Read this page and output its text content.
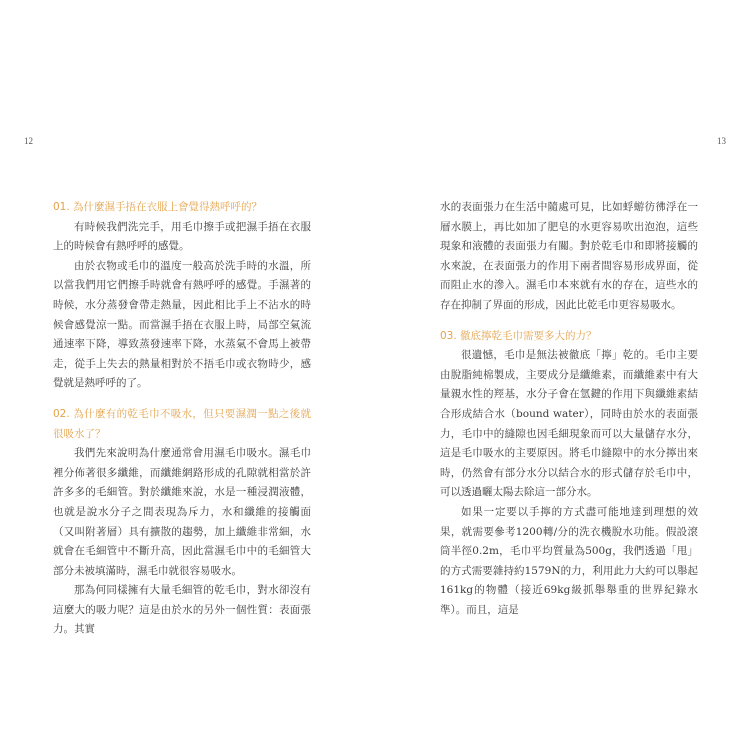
12	13

01. 為什麼濕手捂在衣服上會覺得熱呼呼的？

有時候我們洗完手，用毛巾擦手或把濕手捂在衣服上的時候會有熱呼呼的感覺。

由於衣物或毛巾的溫度一般高於洗手時的水溫，所以當我們用它們擦手時就會有熱呼呼的感覺。手濕著的時候，水分蒸發會帶走熱量，因此相比手上不沾水的時候會感覺涼一點。而當濕手捂在衣服上時，局部空氣流通速率下降，導致蒸發速率下降，水蒸氣不會馬上被帶走，從手上失去的熱量相對於不捂毛巾或衣物時少，感覺就是熱呼呼的了。

02. 為什麼有的乾毛巾不吸水，但只要濕潤一點之後就很吸水了？

我們先來說明為什麼通常會用濕毛巾吸水。濕毛巾裡分佈著很多纖維，而纖維網路形成的孔隙就相當於許許多多的毛細管。對於纖維來說，水是一種浸潤液體，也就是說水分子之間表現為斥力，水和纖維的接觸面（又叫附著層）具有擴散的趨勢，加上纖維非常細，水就會在毛細管中不斷升高，因此當濕毛巾中的毛細管大部分未被填滿時，濕毛巾就很容易吸水。

那為何同樣擁有大量毛細管的乾毛巾，對水卻沒有這麼大的吸力呢？這是由於水的另外一個性質：表面張力。其實

水的表面張力在生活中隨處可見，比如蜉蝣彷彿浮在一層水膜上，再比如加了肥皂的水更容易吹出泡泡，這些現象和液體的表面張力有關。對於乾毛巾和即將接觸的水來說，在表面張力的作用下兩者間容易形成界面，從而阻止水的滲入。濕毛巾本來就有水的存在，這些水的存在抑制了界面的形成，因此比乾毛巾更容易吸水。

03. 徹底擰乾毛巾需要多大的力？

很遺憾，毛巾是無法被徹底「擰」乾的。毛巾主要由脫脂純棉製成，主要成分是纖維素，而纖維素中有大量親水性的羥基，水分子會在氫鍵的作用下與纖維素結合形成結合水（bound water），同時由於水的表面張力，毛巾中的縫隙也因毛細現象而可以大量儲存水分，這是毛巾吸水的主要原因。將毛巾縫隙中的水分擰出來時，仍然會有部分水分以結合水的形式儲存於毛巾中，可以透過曬太陽去除這一部分水。

如果一定要以手擰的方式盡可能地達到理想的效果，就需要參考1200轉/分的洗衣機脫水功能。假設滾筒半徑0.2m，毛巾平均質量為500g，我們透過「甩」的方式需要雜持約1579N的力，利用此力大約可以舉起161kg的物體（接近69kg級抓舉舉重的世界紀錄水準）。而且，這是
